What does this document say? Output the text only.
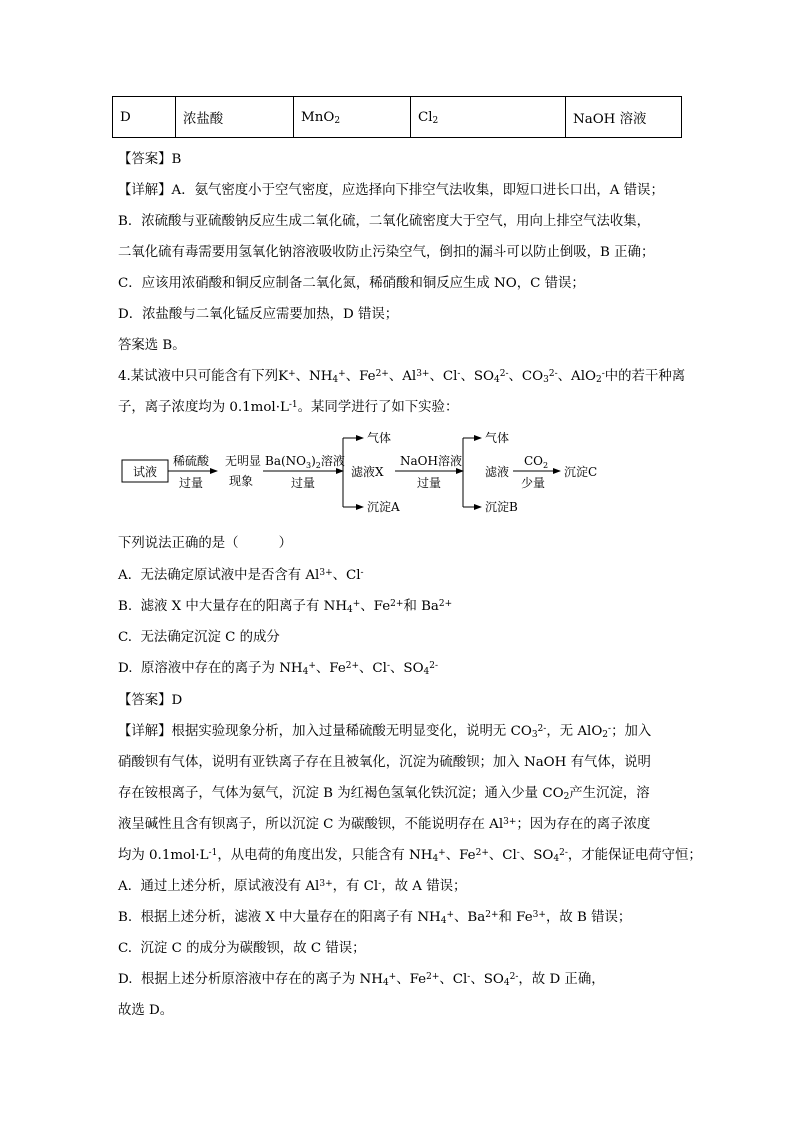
D	浓盐酸	MnO$_2$	$Cl_2$	NaOH 溶液
【答案】B
【详解】A．氨气密度小于空气密度，应选择向下排空气法收集，即短口进长口出，A 错误；
B．浓硫酸与亚硫酸钠反应生成二氧化硫，二氧化硫密度大于空气，用向上排空气法收集，
二氧化硫有毒需要用氢氧化钠溶液吸收防止污染空气，倒扣的漏斗可以防止倒吸，B 正确；
C．应该用浓硝酸和铜反应制备二氧化氮，稀硝酸和铜反应生成 NO，C 错误；
D．浓盐酸与二氧化锰反应需要加热，D 错误；
答案选 B。
4.某试液中只可能含有下列K+、$NH_4^+$、$Fe^{2+}$、$Al^{3+}$、Cl-、$SO_4^{2-}$、$CO_3^{2-}$、AlO$_2$-中的若干种离
子，离子浓度均为 $0.1mol\cdot L^{-1}$。某同学进行了如下实验：
试液
稀硫酸
过量
无明显
现象
$Ba(NO_3)_2$溶液
过量
气体
滤液X
沉淀A
NaOH溶液
过量
气体
滤液
沉淀B
$CO_2$
少量
沉淀C
下列说法正确的是（　　　）
A.  无法确定原试液中是否含有 $Al^{3+}$、Cl-
B.  滤液 X 中大量存在的阳离子有 $NH_4^+$、$Fe^{2+}$和 $Ba^{2+}$
C.  无法确定沉淀 C 的成分
D.  原溶液中存在的离子为 $NH_4^+$、$Fe^{2+}$、Cl-、$SO_4^{2-}$
【答案】D
【详解】根据实验现象分析，加入过量稀硫酸无明显变化，说明无 $CO_3^{2-}$，无 AlO$_2$-；加入
硝酸钡有气体，说明有亚铁离子存在且被氧化，沉淀为硫酸钡；加入 NaOH 有气体，说明
存在铵根离子，气体为氨气，沉淀 B 为红褐色氢氧化铁沉淀；通入少量 $CO_2$产生沉淀，溶
液呈碱性且含有钡离子，所以沉淀 C 为碳酸钡，不能说明存在 $Al^{3+}$；因为存在的离子浓度
均为 $0.1mol\cdot L^{-1}$，从电荷的角度出发，只能含有 $NH_4^+$、$Fe^{2+}$、Cl-、$SO_4^{2-}$，才能保证电荷守恒；
A.  通过上述分析，原试液没有 $Al^{3+}$，有 Cl-，故 A 错误；
B.  根据上述分析，滤液 X 中大量存在的阳离子有 $NH_4^+$、$Ba^{2+}$和 $Fe^{3+}$，故 B 错误；
C.  沉淀 C 的成分为碳酸钡，故 C 错误；
D.  根据上述分析原溶液中存在的离子为 $NH_4^+$、$Fe^{2+}$、Cl-、$SO_4^{2-}$，故 D 正确，
故选 D。
